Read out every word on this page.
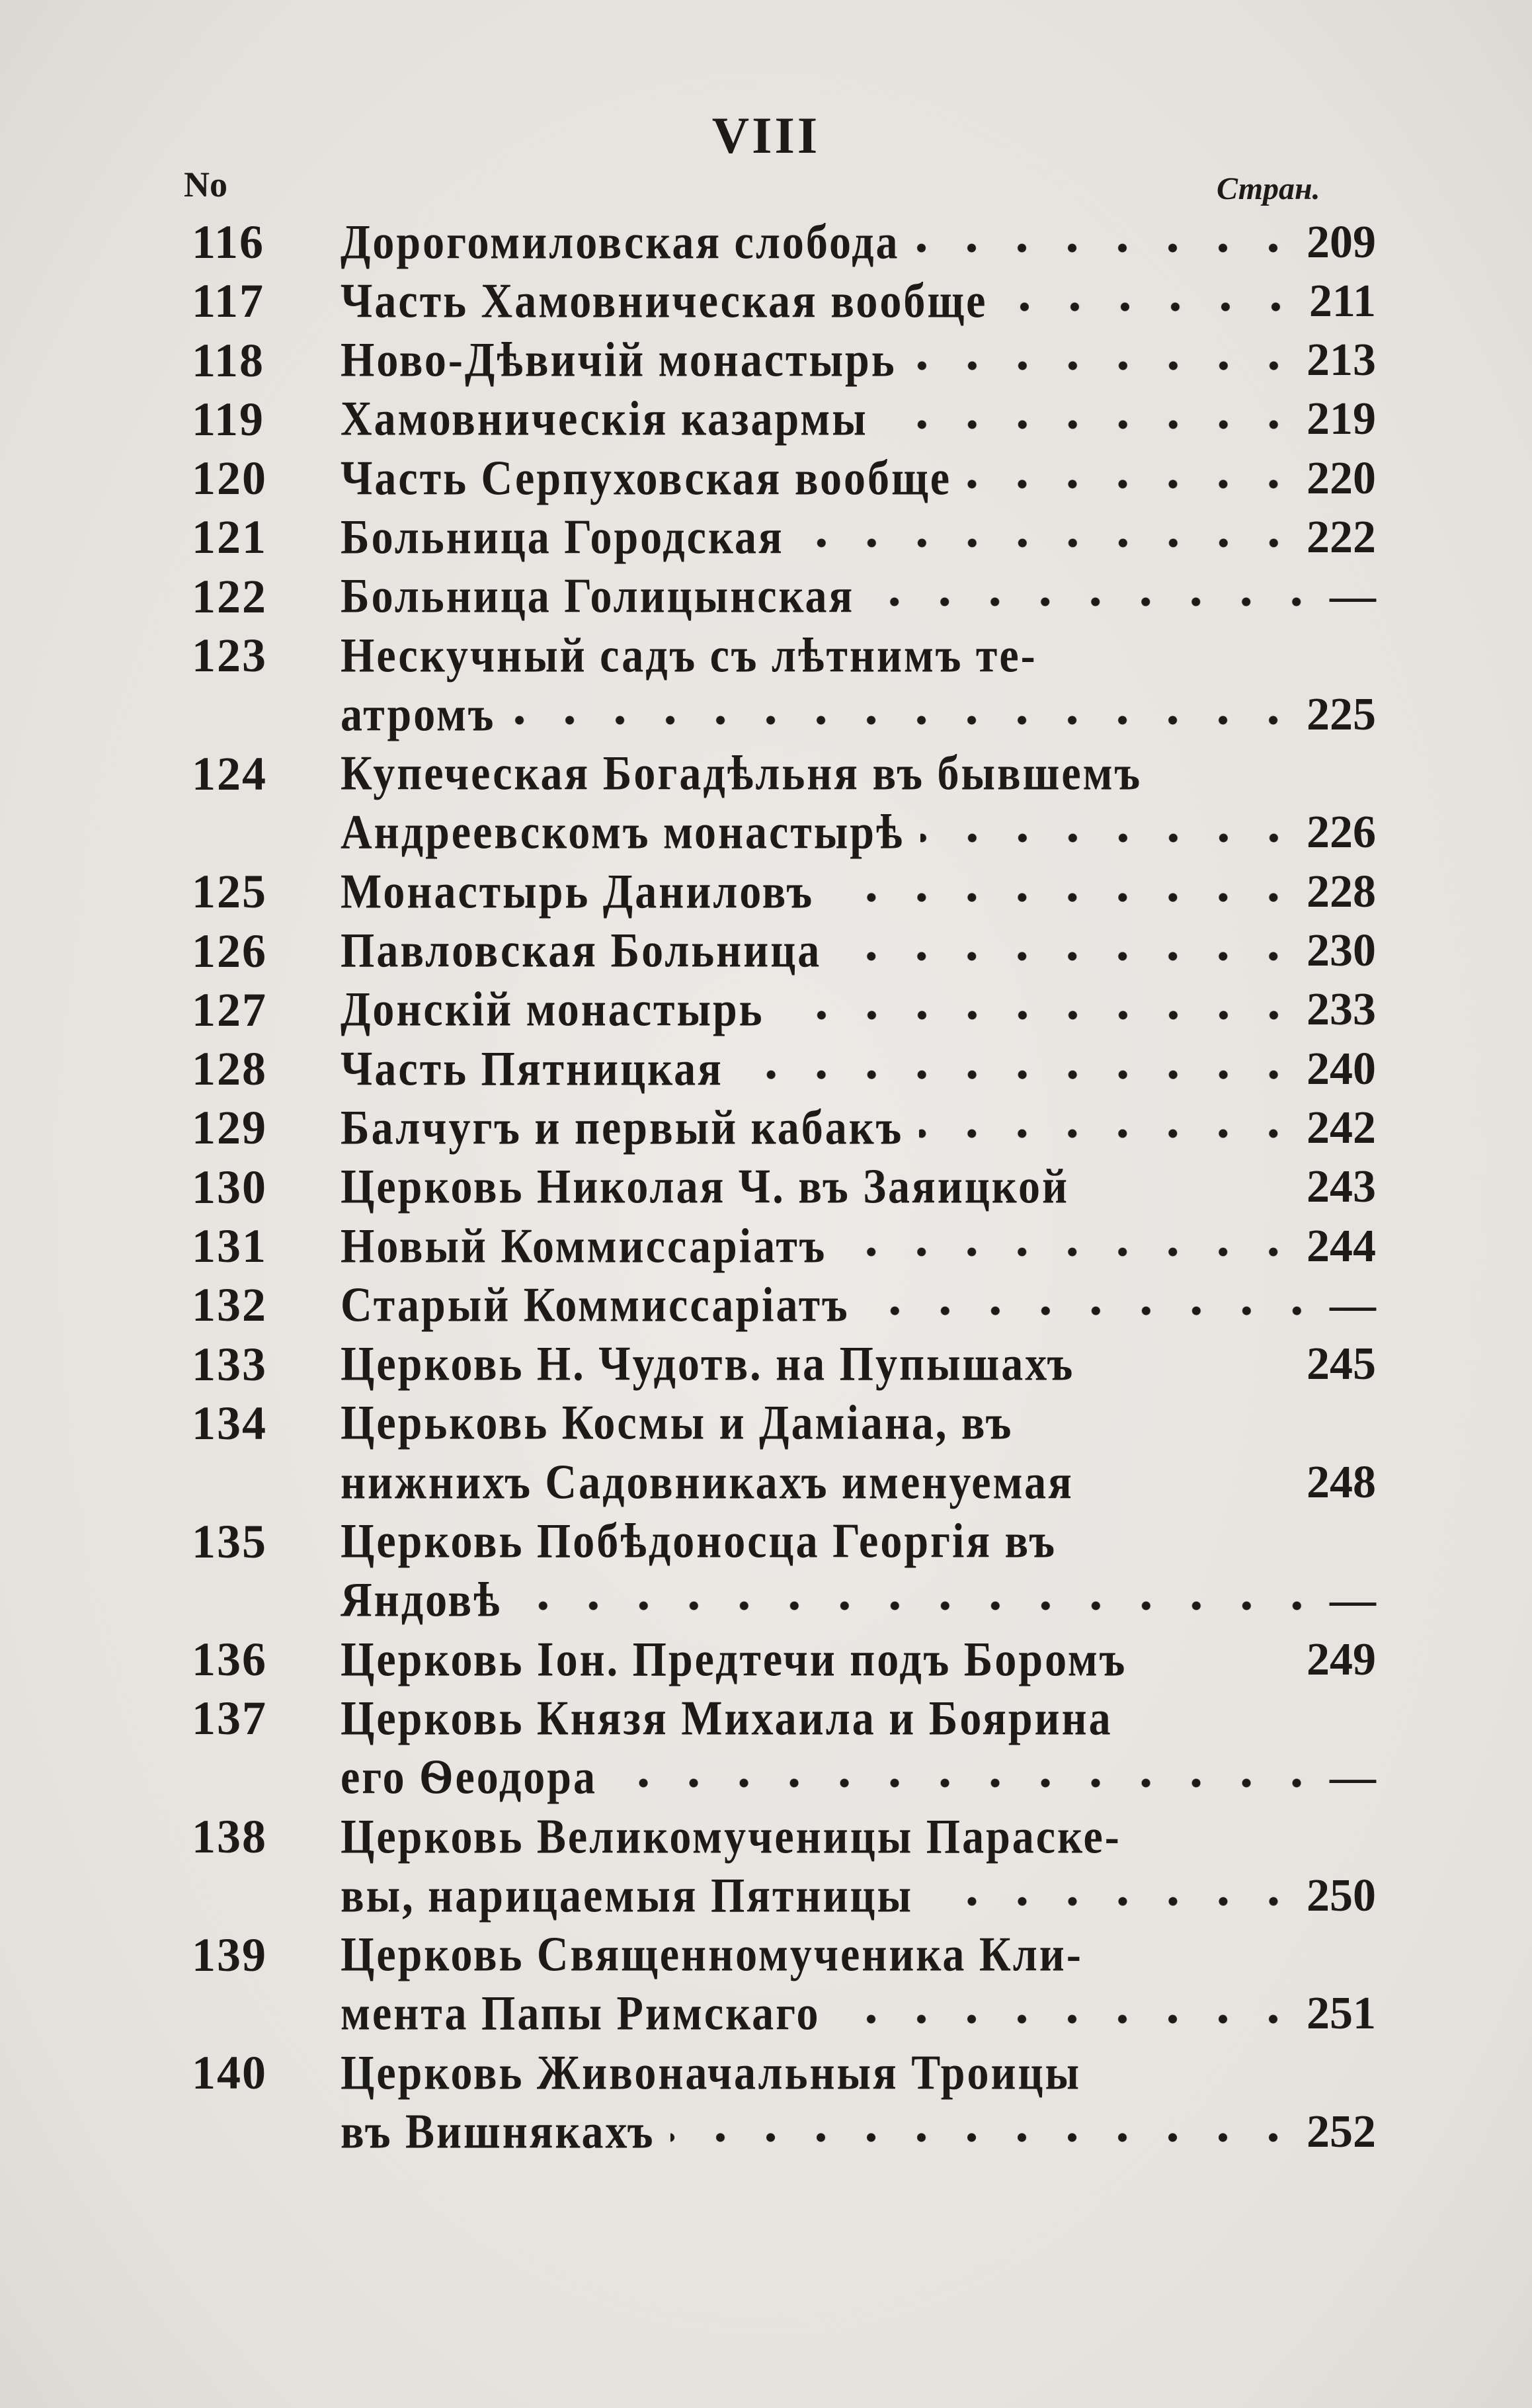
VIII
No	Стран.
116 Дорогомиловская слобода	209
117 Часть Хамовническая вообще	211
118 Ново-Дѣвичій монастырь	213
119 Хамовническія казармы	219
120 Часть Серпуховская вообще	220
121 Больница Городская	222
122 Больница Голицынская	—
123 Нескучный садъ съ лѣтнимъ те-
атромъ	225
124 Купеческая Богадѣльня въ бывшемъ
Андреевскомъ монастырѣ	226
125 Монастырь Даниловъ	228
126 Павловская Больница	230
127 Донскій монастырь	233
128 Часть Пятницкая	240
129 Балчугъ и первый кабакъ	242
130 Церковь Николая Ч. въ Заяицкой	243
131 Новый Коммиссаріатъ	244
132 Старый Коммиссаріатъ	—
133 Церковь Н. Чудотв. на Пупышахъ	245
134 Церьковь Космы и Даміана, въ
нижнихъ Садовникахъ именуемая	248
135 Церковь Побѣдоносца Георгія въ
Яндовѣ	—
136 Церковь Іон. Предтечи подъ Боромъ	249
137 Церковь Князя Михаила и Боярина
его Ѳеодора	—
138 Церковь Великомученицы Параске-
вы, нарицаемыя Пятницы	250
139 Церковь Священномученика Кли-
мента Папы Римскаго	251
140 Церковь Живоначальныя Троицы
въ Вишнякахъ	252
